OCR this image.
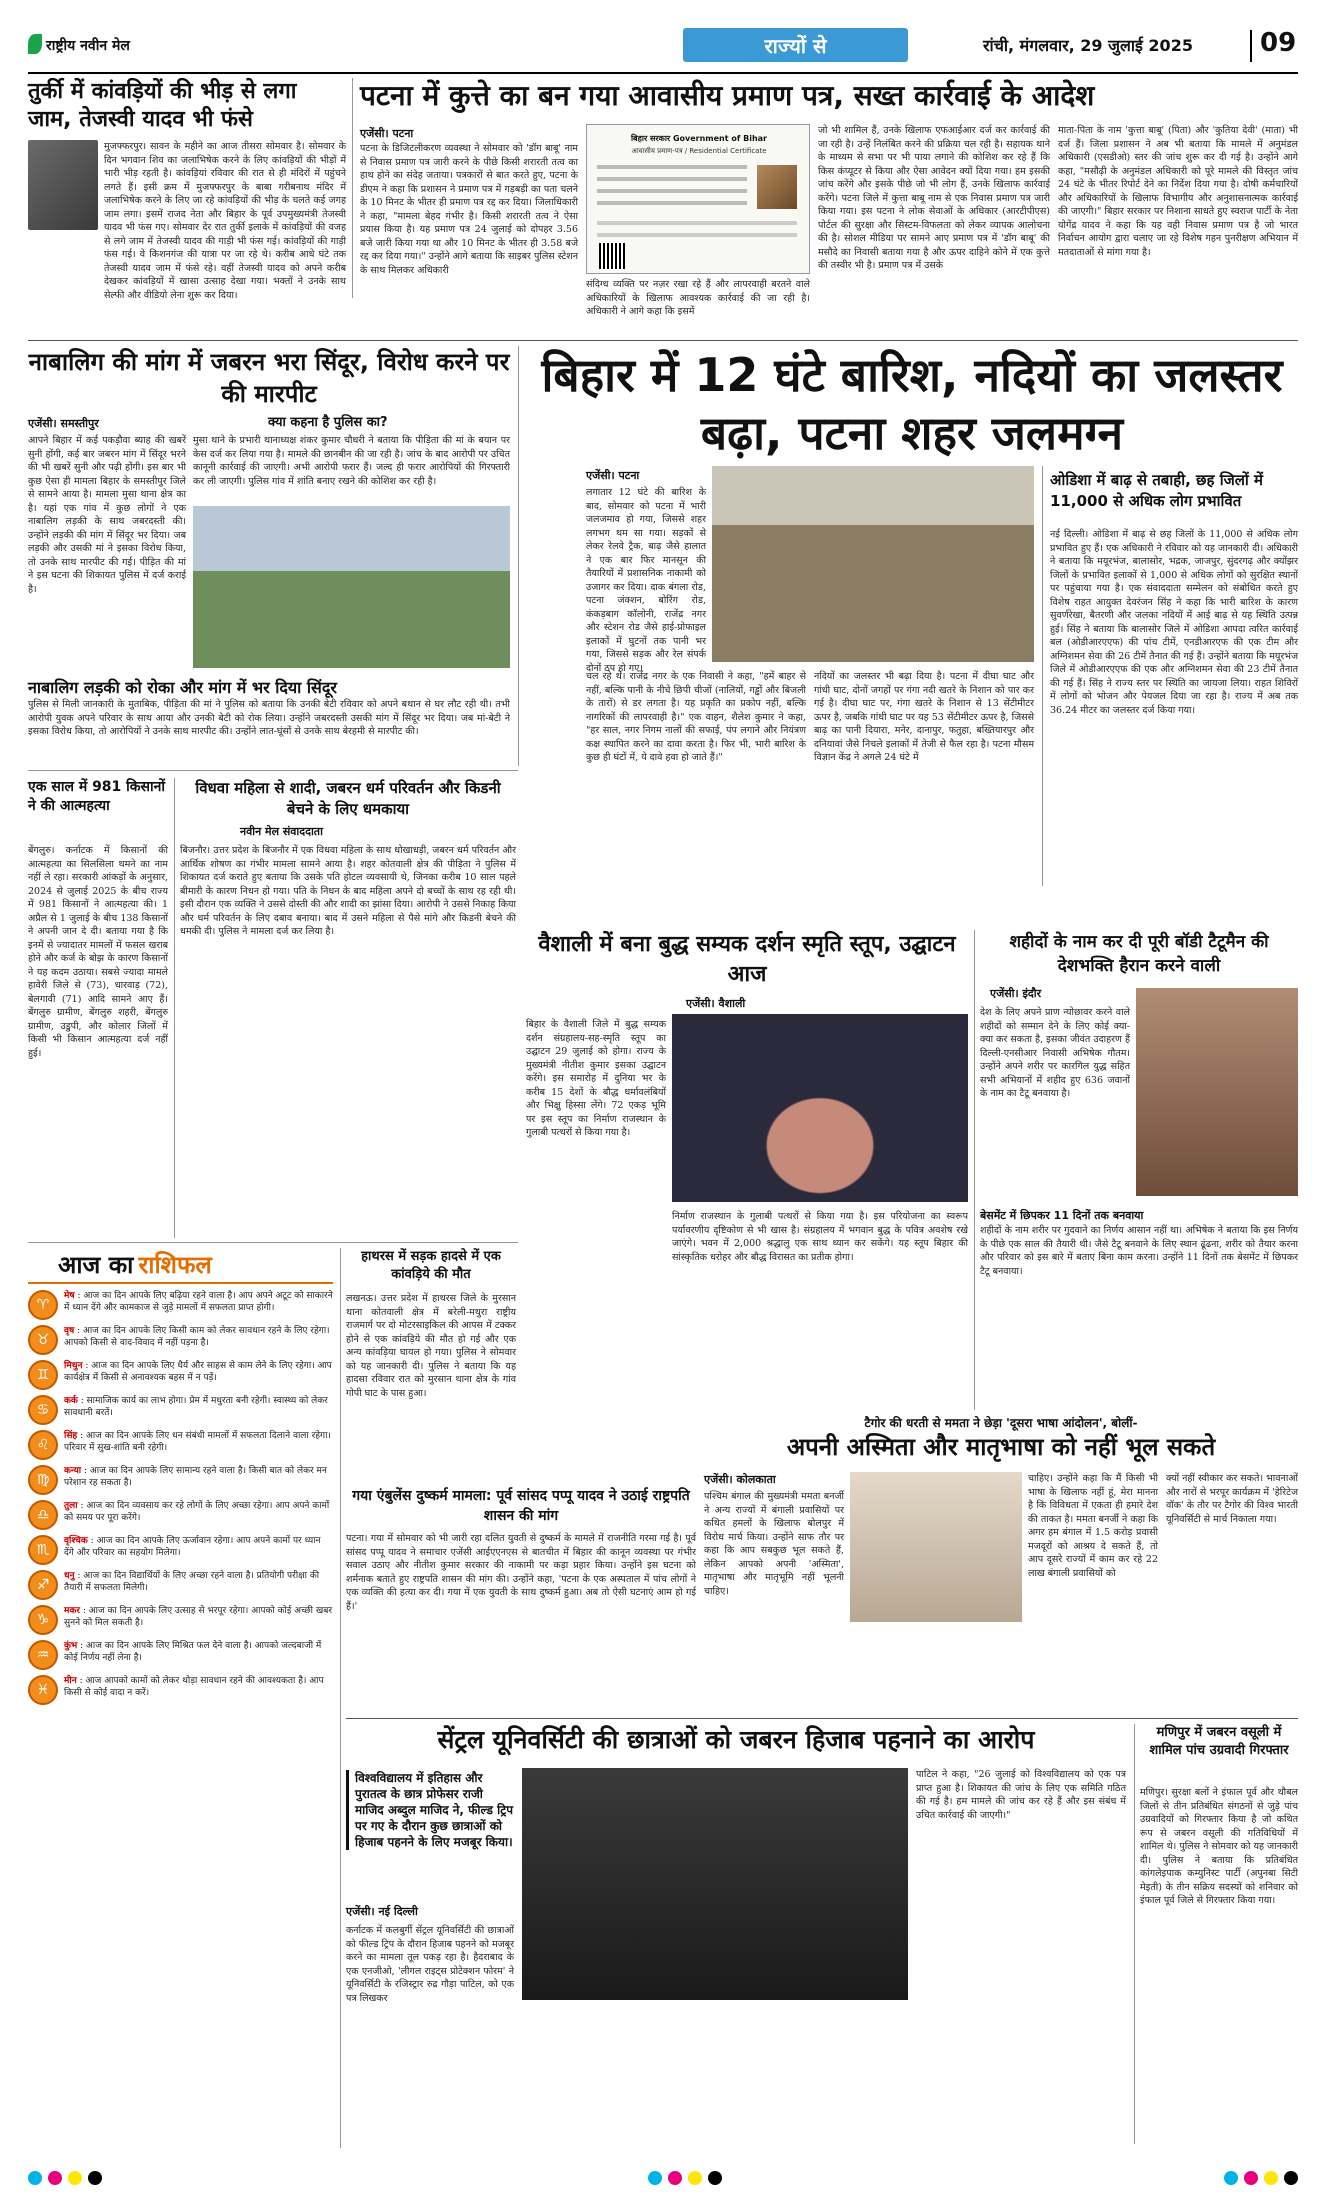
राष्ट्रीय नवीन मेल	राज्यों से	रांची, मंगलवार, 29 जुलाई 2025	09
तुर्की में कांवड़ियों की भीड़ से लगा जाम, तेजस्वी यादव भी फंसे
मुजफ्फरपुर। सावन के महीने का आज तीसरा सोमवार है। सोमवार के दिन भगवान शिव का जलाभिषेक करने के लिए कांवड़ियों की भीड़ों में भारी भीड़ रहती है। कांवड़ियां रविवार की रात से ही मंदिरों में पहुंचने लगते हैं। इसी क्रम में मुजफ्फरपुर के बाबा गरीबनाथ मंदिर में जलाभिषेक करने के लिए जा रहे कांवड़ियों की भीड़ के चलते कई जगह जाम लगा। इसमें राजद नेता और बिहार के पूर्व उपमुख्यमंत्री तेजस्वी यादव भी फंस गए। सोमवार देर रात तुर्की इलाके में कांवड़ियों की वजह से लगे जाम में तेजस्वी यादव की गाड़ी भी फंस गई। कांवड़ियों की गाड़ी फंस गई। वे किशनगंज की यात्रा पर जा रहे थे। करीब आधे घंटे तक तेजस्वी यादव जाम में फंसे रहे। वहीं तेजस्वी यादव को अपने करीब देखकर कांवड़ियों में खासा उत्साह देखा गया। भक्तों ने उनके साथ सेल्फी और वीडियो लेना शुरू कर दिया।
पटना में कुत्ते का बन गया आवासीय प्रमाण पत्र, सख्त कार्रवाई के आदेश
एजेंसी। पटना
पटना के डिजिटलीकरण व्यवस्था ने सोमवार को 'डॉग बाबू' नाम से निवास प्रमाण पत्र जारी करने के पीछे किसी शरारती तत्व का हाथ होने का संदेह जताया। पत्रकारों से बात करते हुए, पटना के डीएम ने कहा कि प्रशासन ने प्रमाण पत्र में गड़बड़ी का पता चलने के 10 मिनट के भीतर ही प्रमाण पत्र रद्द कर दिया। जिलाधिकारी ने कहा, "मामला बेहद गंभीर है। किसी शरारती तत्व ने ऐसा प्रयास किया है। यह प्रमाण पत्र 24 जुलाई को दोपहर 3.56 बजे जारी किया गया था और 10 मिनट के भीतर ही 3.58 बजे रद्द कर दिया गया।" उन्होंने आगे बताया कि साइबर पुलिस स्टेशन के साथ मिलकर अधिकारी
बिहार सरकार Government of Bihar
आवासीय प्रमाण-पत्र / Residential Certificate
संदिग्ध व्यक्ति पर नज़र रखा रहे हैं और लापरवाही बरतने वाले अधिकारियों के खिलाफ आवश्यक कार्रवाई की जा रही है। अधिकारी ने आगे कहा कि इसमें
जो भी शामिल हैं, उनके खिलाफ एफआईआर दर्ज कर कार्रवाई की जा रही है। उन्हें निलंबित करने की प्रक्रिया चल रही है। सहायक थाने के माध्यम से सभा पर भी पाया लगाने की कोशिश कर रहे हैं कि किस कंप्यूटर से किया और ऐसा आवेदन क्यों दिया गया। हम इसकी जांच करेंगे और इसके पीछे जो भी लोग हैं, उनके खिलाफ कार्रवाई करेंगे। पटना जिले में कुत्ता बाबू नाम से एक निवास प्रमाण पत्र जारी किया गया। इस पटना ने लोक सेवाओं के अधिकार (आरटीपीएस) पोर्टल की सुरक्षा और सिस्टम-विफलता को लेकर व्यापक आलोचना की है। सोशल मीडिया पर सामने आए प्रमाण पत्र में 'डॉग बाबू' की मसौदे का निवासी बताया गया है और ऊपर दाहिने कोने में एक कुत्ते की तस्वीर भी है। प्रमाण पत्र में उसके
माता-पिता के नाम 'कुत्ता बाबू' (पिता) और 'कुतिया देवी' (माता) भी दर्ज हैं। जिला प्रशासन ने अब भी बताया कि मामले में अनुमंडल अधिकारी (एसडीओ) स्तर की जांच शुरू कर दी गई है। उन्होंने आगे कहा, "मसौढ़ी के अनुमंडल अधिकारी को पूरे मामले की विस्तृत जांच 24 घंटे के भीतर रिपोर्ट देने का निर्देश दिया गया है। दोषी कर्मचारियों और अधिकारियों के खिलाफ विभागीय और अनुशासनात्मक कार्रवाई की जाएगी।" बिहार सरकार पर निशाना साधते हुए स्वराज पार्टी के नेता योगेंद्र यादव ने कहा कि यह वही निवास प्रमाण पत्र है जो भारत निर्वाचन आयोग द्वारा चलाए जा रहे विशेष गहन पुनरीक्षण अभियान में मतदाताओं से मांगा गया है।
नाबालिग की मांग में जबरन भरा सिंदूर, विरोध करने पर की मारपीट
एजेंसी। समस्तीपुर	क्या कहना है पुलिस का?
आपने बिहार में कई पकड़ौवा ब्याह की खबरें सुनी होंगी, कई बार जबरन मांग में सिंदूर भरने की भी खबरें सुनी और पढ़ी होंगी। इस बार भी कुछ ऐसा ही मामला बिहार के समस्तीपुर जिले से सामने आया है। मामला मुसा थाना क्षेत्र का है। यहां एक गांव में कुछ लोगों ने एक नाबालिग लड़की के साथ जबरदस्ती की। उन्होंने लड़की की मांग में सिंदूर भर दिया। जब लड़की और उसकी मां ने इसका विरोध किया, तो उनके साथ मारपीट की गई। पीड़ित की मां ने इस घटना की शिकायत पुलिस में दर्ज कराई है।
मुसा थाने के प्रभारी थानाध्यक्ष शंकर कुमार चौधरी ने बताया कि पीड़िता की मां के बयान पर केस दर्ज कर लिया गया है। मामले की छानबीन की जा रही है। जांच के बाद आरोपी पर उचित कानूनी कार्रवाई की जाएगी। अभी आरोपी फरार हैं। जल्द ही फरार आरोपियों की गिरफ्तारी कर ली जाएगी। पुलिस गांव में शांति बनाए रखने की कोशिश कर रही है।
नाबालिग लड़की को रोका और मांग में भर दिया सिंदूर
पुलिस से मिली जानकारी के मुताबिक, पीड़िता की मां ने पुलिस को बताया कि उनकी बेटी रविवार को अपने बथान से घर लौट रही थी। तभी आरोपी युवक अपने परिवार के साथ आया और उनकी बेटी को रोक लिया। उन्होंने जबरदस्ती उसकी मांग में सिंदूर भर दिया। जब मां-बेटी ने इसका विरोध किया, तो आरोपियों ने उनके साथ मारपीट की। उन्होंने लात-घूंसों से उनके साथ बेरहमी से मारपीट की।
बिहार में 12 घंटे बारिश, नदियों का जलस्तर बढ़ा, पटना शहर जलमग्न
एजेंसी। पटना
लगातार 12 घंटे की बारिश के बाद, सोमवार को पटना में भारी जलजमाव हो गया, जिससे शहर लगभग थम सा गया। सड़कों से लेकर रेलवे ट्रैक, बाढ़ जैसे हालात ने एक बार फिर मानसून की तैयारियों में प्रशासनिक नाकामी को उजागर कर दिया। दाक बंगला रोड, पटना जंक्शन, बोरिंग रोड, कंकड़बाग कॉलोनी, राजेंद्र नगर और स्टेशन रोड जैसे हाई-प्रोफाइल इलाकों में घुटनों तक पानी भर गया, जिससे सड़क और रेल संपर्क दोनों ठप हो गए।
चल रहे थे। राजेंद्र नगर के एक निवासी ने कहा, "हमें बाहर से नहीं, बल्कि पानी के नीचे छिपी चीजों (नालियों, गड्ढों और बिजली के तारों) से डर लगता है। यह प्रकृति का प्रकोप नहीं, बल्कि नागरिकों की लापरवाही है।" एक वाहन, शैलेश कुमार ने कहा, "हर साल, नगर निगम नालों की सफाई, पंप लगाने और नियंत्रण कक्ष स्थापित करने का दावा करता है। फिर भी, भारी बारिश के कुछ ही घंटों में, ये दावे हवा हो जाते हैं।"
नदियों का जलस्तर भी बढ़ा दिया है। पटना में दीघा घाट और गांधी घाट, दोनों जगहों पर गंगा नदी खतरे के निशान को पार कर गई है। दीघा घाट पर, गंगा खतरे के निशान से 13 सेंटीमीटर ऊपर है, जबकि गांधी घाट पर यह 53 सेंटीमीटर ऊपर है, जिससे बाढ़ का पानी दियारा, मनेर, दानापुर, फतुहा, बख्तियारपुर और दनियावां जैसे निचले इलाकों में तेजी से फैल रहा है। पटना मौसम विज्ञान केंद्र ने अगले 24 घंटे में
ओडिशा में बाढ़ से तबाही, छह जिलों में 11,000 से अधिक लोग प्रभावित
नई दिल्ली। ओडिशा में बाढ़ से छह जिलों के 11,000 से अधिक लोग प्रभावित हुए हैं। एक अधिकारी ने रविवार को यह जानकारी दी। अधिकारी ने बताया कि मयूरभंज, बालासोर, भद्रक, जाजपुर, सुंदरगढ़ और क्योंझर जिलों के प्रभावित इलाकों से 1,000 से अधिक लोगों को सुरक्षित स्थानों पर पहुंचाया गया है। एक संवाददाता सम्मेलन को संबोधित करते हुए विशेष राहत आयुक्त देवरंजन सिंह ने कहा कि भारी बारिश के कारण सुवर्णरेखा, बैतरणी और जलका नदियों में आई बाढ़ से यह स्थिति उत्पन्न हुई। सिंह ने बताया कि बालासोर जिले में ओडिशा आपदा त्वरित कार्रवाई बल (ओडीआरएएफ) की पांच टीमें, एनडीआरएफ की एक टीम और अग्निशमन सेवा की 26 टीमें तैनात की गई हैं। उन्होंने बताया कि मयूरभंज जिले में ओडीआरएएफ की एक और अग्निशमन सेवा की 23 टीमें तैनात की गई हैं। सिंह ने राज्य स्तर पर स्थिति का जायजा लिया। राहत शिविरों में लोगों को भोजन और पेयजल दिया जा रहा है। राज्य में अब तक 36.24 मीटर का जलस्तर दर्ज किया गया।
एक साल में 981 किसानों ने की आत्महत्या
बेंगलुरु। कर्नाटक में किसानों की आत्महत्या का सिलसिला थमने का नाम नहीं ले रहा। सरकारी आंकड़ों के अनुसार, 2024 से जुलाई 2025 के बीच राज्य में 981 किसानों ने आत्महत्या की। 1 अप्रैल से 1 जुलाई के बीच 138 किसानों ने अपनी जान दे दी। बताया गया है कि इनमें से ज्यादातर मामलों में फसल खराब होने और कर्ज के बोझ के कारण किसानों ने यह कदम उठाया। सबसे ज्यादा मामले हावेरी जिले से (73), धारवाड़ (72), बेलगावी (71) आदि सामने आए हैं। बेंगलुरु ग्रामीण, बेंगलुरु शहरी, बेंगलुरु ग्रामीण, उडुपी, और कोलार जिलों में किसी भी किसान आत्महत्या दर्ज नहीं हुई।
विधवा महिला से शादी, जबरन धर्म परिवर्तन और किडनी बेचने के लिए धमकाया
नवीन मेल संवाददाता
बिजनौर। उत्तर प्रदेश के बिजनौर में एक विधवा महिला के साथ धोखाधड़ी, जबरन धर्म परिवर्तन और आर्थिक शोषण का गंभीर मामला सामने आया है। शहर कोतवाली क्षेत्र की पीड़िता ने पुलिस में शिकायत दर्ज कराते हुए बताया कि उसके पति होटल व्यवसायी थे, जिनका करीब 10 साल पहले बीमारी के कारण निधन हो गया। पति के निधन के बाद महिला अपने दो बच्चों के साथ रह रही थी। इसी दौरान एक व्यक्ति ने उससे दोस्ती की और शादी का झांसा दिया। आरोपी ने उससे निकाह किया और धर्म परिवर्तन के लिए दबाव बनाया। बाद में उसने महिला से पैसे मांगे और किडनी बेचने की धमकी दी। पुलिस ने मामला दर्ज कर लिया है।
वैशाली में बना बुद्ध सम्यक दर्शन स्मृति स्तूप, उद्घाटन आज
एजेंसी। वैशाली
बिहार के वैशाली जिले में बुद्ध सम्यक दर्शन संग्रहालय-सह-स्मृति स्तूप का उद्घाटन 29 जुलाई को होगा। राज्य के मुख्यमंत्री नीतीश कुमार इसका उद्घाटन करेंगे। इस समारोह में दुनिया भर के करीब 15 देशों के बौद्ध धर्मावलंबियों और भिक्षु हिस्सा लेंगे। 72 एकड़ भूमि पर इस स्तूप का निर्माण राजस्थान के गुलाबी पत्थरों से किया गया है।
निर्माण राजस्थान के गुलाबी पत्थरों से किया गया है। इस परियोजना का स्वरूप पर्यावरणीय दृष्टिकोण से भी खास है। संग्रहालय में भगवान बुद्ध के पवित्र अवशेष रखे जाएंगे। भवन में 2,000 श्रद्धालु एक साथ ध्यान कर सकेंगे। यह स्तूप बिहार की सांस्कृतिक धरोहर और बौद्ध विरासत का प्रतीक होगा।
शहीदों के नाम कर दी पूरी बॉडी टैटूमैन की देशभक्ति हैरान करने वाली
एजेंसी। इंदौर
देश के लिए अपने प्राण न्योछावर करने वाले शहीदों को सम्मान देने के लिए कोई क्या-क्या कर सकता है, इसका जीवंत उदाहरण हैं दिल्ली-एनसीआर निवासी अभिषेक गौतम। उन्होंने अपने शरीर पर कारगिल युद्ध सहित सभी अभियानों में शहीद हुए 636 जवानों के नाम का टैटू बनवाया है।
बेसमेंट में छिपकर 11 दिनों तक बनवाया
शहीदों के नाम शरीर पर गुदवाने का निर्णय आसान नहीं था। अभिषेक ने बताया कि इस निर्णय के पीछे एक साल की तैयारी थी। जैसे टैटू बनवाने के लिए स्थान ढूंढना, शरीर को तैयार करना और परिवार को इस बारे में बताए बिना काम करना। उन्होंने 11 दिनों तक बेसमेंट में छिपकर टैटू बनवाया।
आज का राशिफल
♈
मेष : आज का दिन आपके लिए बढ़िया रहने वाला है। आप अपने अटूट को साकारने में ध्यान देंगे और कामकाज से जुड़े मामलों में सफलता प्राप्त होगी।
♉
वृष : आज का दिन आपके लिए किसी काम को लेकर सावधान रहने के लिए रहेगा। आपको किसी से वाद-विवाद में नहीं पड़ना है।
♊
मिथुन : आज का दिन आपके लिए धैर्य और साहस से काम लेने के लिए रहेगा। आप कार्यक्षेत्र में किसी से अनावश्यक बहस में न पड़ें।
♋
कर्क : सामाजिक कार्य का लाभ होगा। प्रेम में मधुरता बनी रहेगी। स्वास्थ्य को लेकर सावधानी बरतें।
♌
सिंह : आज का दिन आपके लिए धन संबंधी मामलों में सफलता दिलाने वाला रहेगा। परिवार में सुख-शांति बनी रहेगी।
♍
कन्या : आज का दिन आपके लिए सामान्य रहने वाला है। किसी बात को लेकर मन परेशान रह सकता है।
♎
तुला : आज का दिन व्यवसाय कर रहे लोगों के लिए अच्छा रहेगा। आप अपने कामों को समय पर पूरा करेंगे।
♏
वृश्चिक : आज का दिन आपके लिए ऊर्जावान रहेगा। आप अपने कामों पर ध्यान देंगे और परिवार का सहयोग मिलेगा।
♐
धनु : आज का दिन विद्यार्थियों के लिए अच्छा रहने वाला है। प्रतियोगी परीक्षा की तैयारी में सफलता मिलेगी।
♑
मकर : आज का दिन आपके लिए उत्साह से भरपूर रहेगा। आपको कोई अच्छी खबर सुनने को मिल सकती है।
♒
कुंभ : आज का दिन आपके लिए मिश्रित फल देने वाला है। आपको जल्दबाजी में कोई निर्णय नहीं लेना है।
♓
मीन : आज आपको कामों को लेकर थोड़ा सावधान रहने की आवश्यकता है। आप किसी से कोई वादा न करें।
हाथरस में सड़क हादसे में एक कांवड़िये की मौत
लखनऊ। उत्तर प्रदेश में हाथरस जिले के मुरसान थाना कोतवाली क्षेत्र में बरेली-मथुरा राष्ट्रीय राजमार्ग पर दो मोटरसाइकिल की आपस में टक्कर होने से एक कांवड़िये की मौत हो गई और एक अन्य कांवड़िया घायल हो गया। पुलिस ने सोमवार को यह जानकारी दी। पुलिस ने बताया कि यह हादसा रविवार रात को मुरसान थाना क्षेत्र के गांव गोपी घाट के पास हुआ।
गया एंबुलेंस दुष्कर्म मामला: पूर्व सांसद पप्पू यादव ने उठाई राष्ट्रपति शासन की मांग
पटना। गया में सोमवार को भी जारी रहा दलित युवती से दुष्कर्म के मामले में राजनीति गरमा गई है। पूर्व सांसद पप्पू यादव ने समाचार एजेंसी आईएएनएस से बातचीत में बिहार की कानून व्यवस्था पर गंभीर सवाल उठाए और नीतीश कुमार सरकार की नाकामी पर कड़ा प्रहार किया। उन्होंने इस घटना को शर्मनाक बताते हुए राष्ट्रपति शासन की मांग की। उन्होंने कहा, 'पटना के एक अस्पताल में पांच लोगों ने एक व्यक्ति की हत्या कर दी। गया में एक युवती के साथ दुष्कर्म हुआ। अब तो ऐसी घटनाएं आम हो गई हैं।'
टैगोर की धरती से ममता ने छेड़ा 'दूसरा भाषा आंदोलन', बोलीं-
अपनी अस्मिता और मातृभाषा को नहीं भूल सकते
एजेंसी। कोलकाता
पश्चिम बंगाल की मुख्यमंत्री ममता बनर्जी ने अन्य राज्यों में बंगाली प्रवासियों पर कथित हमलों के खिलाफ बोलपुर में विरोध मार्च किया। उन्होंने साफ तौर पर कहा कि आप सबकुछ भूल सकते हैं, लेकिन आपको अपनी 'अस्मिता', मातृभाषा और मातृभूमि नहीं भूलनी चाहिए।
चाहिए। उन्होंने कहा कि मैं किसी भी भाषा के खिलाफ नहीं हूं, मेरा मानना है कि विविधता में एकता ही हमारे देश की ताकत है। ममता बनर्जी ने कहा कि अगर हम बंगाल में 1.5 करोड़ प्रवासी मजदूरों को आश्रय दे सकते हैं, तो आप दूसरे राज्यों में काम कर रहे 22 लाख बंगाली प्रवासियों को
क्यों नहीं स्वीकार कर सकते। भावनाओं और नारों से भरपूर कार्यक्रम में 'हेरिटेज वॉक' के तौर पर टैगोर की विश्व भारती यूनिवर्सिटी से मार्च निकाला गया।
सेंट्रल यूनिवर्सिटी की छात्राओं को जबरन हिजाब पहनाने का आरोप
विश्वविद्यालय में इतिहास और पुरातत्व के छात्र प्रोफेसर राजी माजिद अब्दुल माजिद ने, फील्ड ट्रिप पर गए के दौरान कुछ छात्राओं को हिजाब पहनने के लिए मजबूर किया।
एजेंसी। नई दिल्ली
कर्नाटक में कलबुर्गी सेंट्रल यूनिवर्सिटी की छात्राओं को फील्ड ट्रिप के दौरान हिजाब पहनने को मजबूर करने का मामला तूल पकड़ रहा है। हैदराबाद के एक एनजीओ, 'लीगल राइट्स प्रोटेक्शन फोरम' ने यूनिवर्सिटी के रजिस्ट्रार रुद्र गौड़ा पाटिल, को एक पत्र लिखकर
पाटिल ने कहा, "26 जुलाई को विश्वविद्यालय को एक पत्र प्राप्त हुआ है। शिकायत की जांच के लिए एक समिति गठित की गई है। हम मामले की जांच कर रहे हैं और इस संबंध में उचित कार्रवाई की जाएगी।"
मणिपुर में जबरन वसूली में शामिल पांच उग्रवादी गिरफ्तार
मणिपुर। सुरक्षा बलों ने इंफाल पूर्व और थौबल जिलों से तीन प्रतिबंधित संगठनों से जुड़े पांच उग्रवादियों को गिरफ्तार किया है जो कथित रूप से जबरन वसूली की गतिविधियों में शामिल थे। पुलिस ने सोमवार को यह जानकारी दी। पुलिस ने बताया कि प्रतिबंधित कांगलेइपाक कम्युनिस्ट पार्टी (अपुनबा सिटी मेइती) के तीन सक्रिय सदस्यों को शनिवार को इंफाल पूर्व जिले से गिरफ्तार किया गया।
